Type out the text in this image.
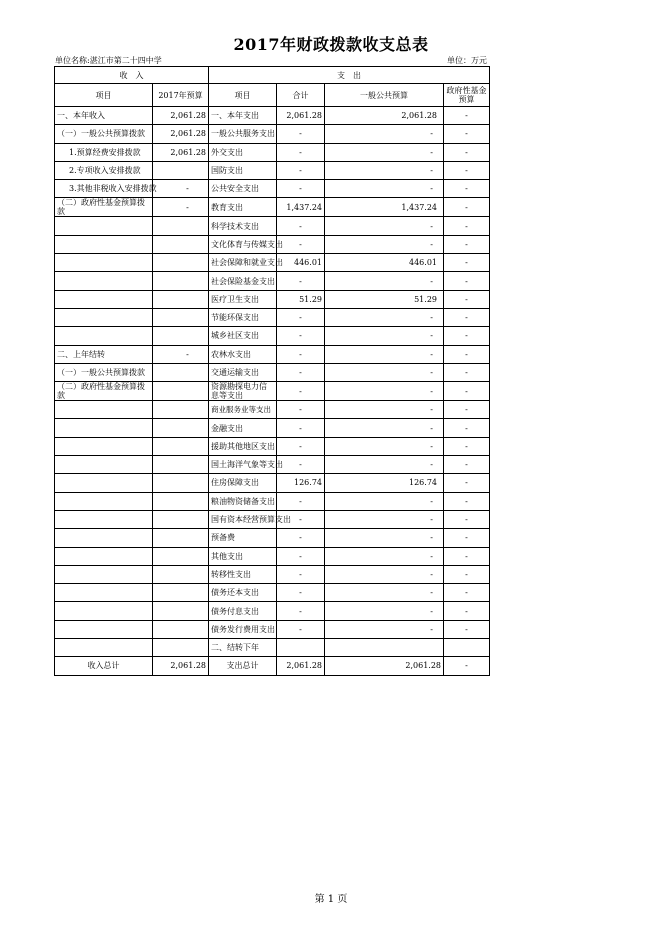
2017年财政拨款收支总表
单位名称:湛江市第二十四中学	单位：万元
收　入		支　出			
项目	2017年预算	项目	合计	一般公共预算	政府性基金预算
一、本年收入	2,061.28	一、本年支出	2,061.28	2,061.28	-
（一）一般公共预算拨款	2,061.28	一般公共服务支出	-	-	-
1.预算经费安排拨款	2,061.28	外交支出	-	-	-
2.专项收入安排拨款		国防支出	-	-	-
3.其他非税收入安排拨款	-	公共安全支出	-	-	-
（二）政府性基金预算拨款	-	教育支出	1,437.24	1,437.24	-
		科学技术支出	-	-	-
		文化体育与传媒支出	-	-	-
		社会保障和就业支出	446.01	446.01	-
		社会保险基金支出	-	-	-
		医疗卫生支出	51.29	51.29	-
		节能环保支出	-	-	-
		城乡社区支出	-	-	-
二、上年结转	-	农林水支出	-	-	-
（一）一般公共预算拨款		交通运输支出	-	-	-
（二）政府性基金预算拨款		资源勘探电力信息等支出	-	-	-
		商业服务业等支出	-	-	-
		金融支出	-	-	-
		援助其他地区支出	-	-	-
		国土海洋气象等支出	-	-	-
		住房保障支出	126.74	126.74	-
		粮油物资储备支出	-	-	-
		国有资本经营预算支出	-	-	-
		预备费	-	-	-
		其他支出	-	-	-
		转移性支出	-	-	-
		债务还本支出	-	-	-
		债务付息支出	-	-	-
		债务发行费用支出	-	-	-
		二、结转下年			
收入总计	2,061.28	支出总计	2,061.28	2,061.28	-
第 1 页
